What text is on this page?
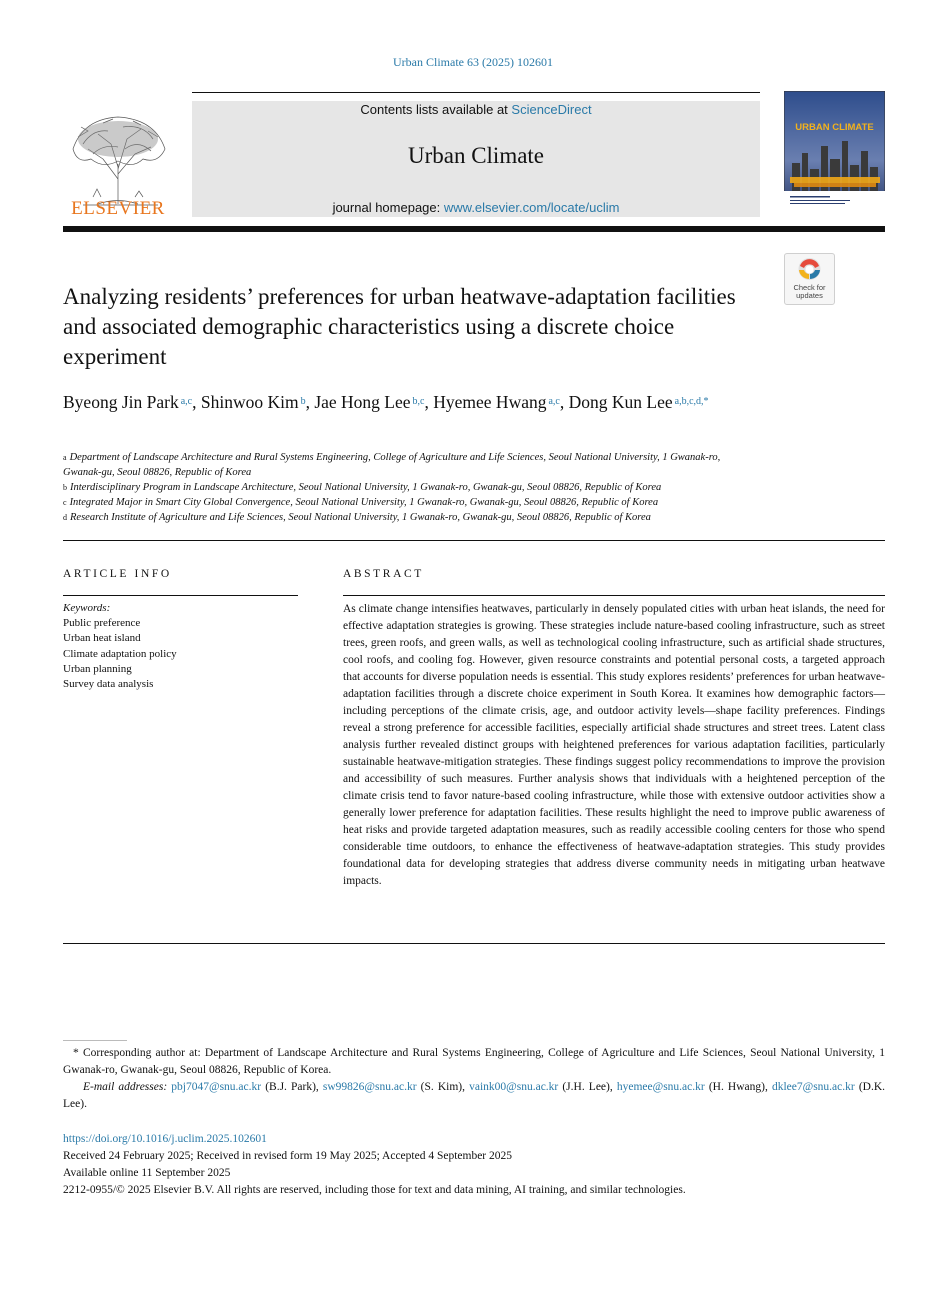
Urban Climate 63 (2025) 102601
ELSEVIER
Contents lists available at ScienceDirect
Urban Climate
journal homepage: www.elsevier.com/locate/uclim
URBAN CLIMATE
Check for
updates
Analyzing residents’ preferences for urban heatwave-adaptation facilities and associated demographic characteristics using a discrete choice experiment
Byeong Jin Park $^{a,c}$, Shinwoo Kim $^b$, Jae Hong Lee $^{b,c}$, Hyemee Hwang $^{a,c}$, Dong Kun Lee $^{a,b,c,d,*}$
$^a$ Department of Landscape Architecture and Rural Systems Engineering, College of Agriculture and Life Sciences, Seoul National University, 1 Gwanak-ro, Gwanak-gu, Seoul 08826, Republic of Korea
$^b$ Interdisciplinary Program in Landscape Architecture, Seoul National University, 1 Gwanak-ro, Gwanak-gu, Seoul 08826, Republic of Korea
$^c$ Integrated Major in Smart City Global Convergence, Seoul National University, 1 Gwanak-ro, Gwanak-gu, Seoul 08826, Republic of Korea
$^d$ Research Institute of Agriculture and Life Sciences, Seoul National University, 1 Gwanak-ro, Gwanak-gu, Seoul 08826, Republic of Korea
ARTICLE INFO
Keywords:
Public preference
Urban heat island
Climate adaptation policy
Urban planning
Survey data analysis
ABSTRACT
As climate change intensifies heatwaves, particularly in densely populated cities with urban heat islands, the need for effective adaptation strategies is growing. These strategies include nature-based cooling infrastructure, such as street trees, green roofs, and green walls, as well as technological cooling infrastructure, such as artificial shade structures, cool roofs, and cooling fog. However, given resource constraints and potential personal costs, a targeted approach that accounts for diverse population needs is essential. This study explores residents’ preferences for urban heatwave-adaptation facilities through a discrete choice experiment in South Korea. It examines how demographic factors—including perceptions of the climate crisis, age, and outdoor activity levels—shape facility preferences. Findings reveal a strong preference for accessible facilities, especially artificial shade structures and street trees. Latent class analysis further revealed distinct groups with heightened preferences for various adaptation facilities, particularly sustainable heatwave-mitigation strategies. These findings suggest policy recommendations to improve the provision and accessibility of such measures. Further analysis shows that individuals with a heightened perception of the climate crisis tend to favor nature-based cooling infrastructure, while those with extensive outdoor activities show a generally lower preference for adaptation facilities. These results highlight the need to improve public awareness of heat risks and provide targeted adaptation measures, such as readily accessible cooling centers for those who spend considerable time outdoors, to enhance the effectiveness of heatwave-adaptation strategies. This study provides foundational data for developing strategies that address diverse community needs in mitigating urban heatwave impacts.
* Corresponding author at: Department of Landscape Architecture and Rural Systems Engineering, College of Agriculture and Life Sciences, Seoul National University, 1 Gwanak-ro, Gwanak-gu, Seoul 08826, Republic of Korea.
E-mail addresses: pbj7047@snu.ac.kr (B.J. Park), sw99826@snu.ac.kr (S. Kim), vaink00@snu.ac.kr (J.H. Lee), hyemee@snu.ac.kr (H. Hwang), dklee7@snu.ac.kr (D.K. Lee).
https://doi.org/10.1016/j.uclim.2025.102601
Received 24 February 2025; Received in revised form 19 May 2025; Accepted 4 September 2025
Available online 11 September 2025
2212-0955/© 2025 Elsevier B.V. All rights are reserved, including those for text and data mining, AI training, and similar technologies.
